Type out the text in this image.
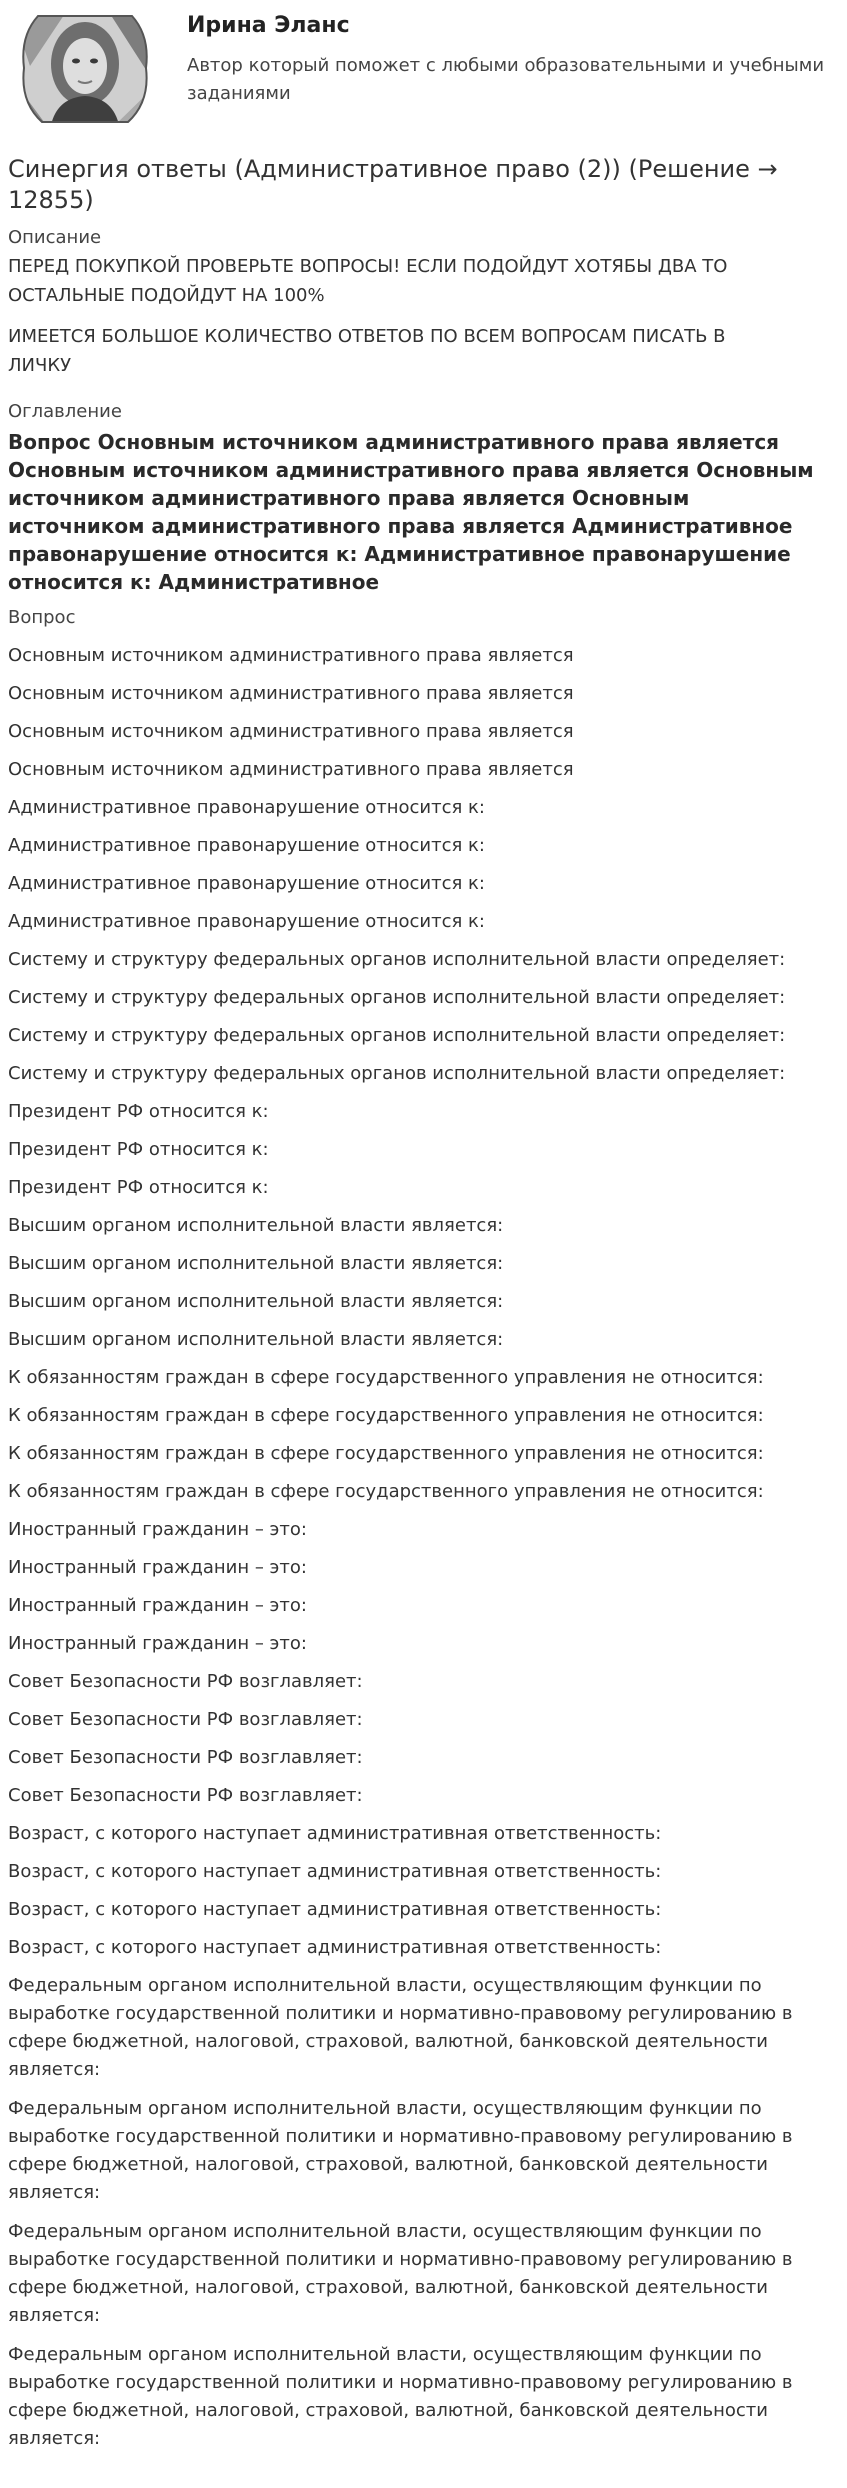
Ирина Эланс
Автор который поможет с любыми образовательными и учебными заданиями
Синергия ответы (Административное право (2)) (Решение → 12855)
Описание
ПЕРЕД ПОКУПКОЙ ПРОВЕРЬТЕ ВОПРОСЫ! ЕСЛИ ПОДОЙДУТ ХОТЯБЫ ДВА ТО ОСТАЛЬНЫЕ ПОДОЙДУТ НА 100%
ИМЕЕТСЯ БОЛЬШОЕ КОЛИЧЕСТВО ОТВЕТОВ ПО ВСЕМ ВОПРОСАМ ПИСАТЬ В ЛИЧКУ
Оглавление
Вопрос Основным источником административного права является Основным источником административного права является Основным источником административного права является Основным источником административного права является Административное правонарушение относится к: Административное правонарушение относится к: Административное
Вопрос
Основным источником административного права является
Основным источником административного права является
Основным источником административного права является
Основным источником административного права является
Административное правонарушение относится к:
Административное правонарушение относится к:
Административное правонарушение относится к:
Административное правонарушение относится к:
Систему и структуру федеральных органов исполнительной власти определяет:
Систему и структуру федеральных органов исполнительной власти определяет:
Систему и структуру федеральных органов исполнительной власти определяет:
Систему и структуру федеральных органов исполнительной власти определяет:
Президент РФ относится к:
Президент РФ относится к:
Президент РФ относится к:
Высшим органом исполнительной власти является:
Высшим органом исполнительной власти является:
Высшим органом исполнительной власти является:
Высшим органом исполнительной власти является:
К обязанностям граждан в сфере государственного управления не относится:
К обязанностям граждан в сфере государственного управления не относится:
К обязанностям граждан в сфере государственного управления не относится:
К обязанностям граждан в сфере государственного управления не относится:
Иностранный гражданин – это:
Иностранный гражданин – это:
Иностранный гражданин – это:
Иностранный гражданин – это:
Совет Безопасности РФ возглавляет:
Совет Безопасности РФ возглавляет:
Совет Безопасности РФ возглавляет:
Совет Безопасности РФ возглавляет:
Возраст, с которого наступает административная ответственность:
Возраст, с которого наступает административная ответственность:
Возраст, с которого наступает административная ответственность:
Возраст, с которого наступает административная ответственность:
Федеральным органом исполнительной власти, осуществляющим функции по выработке государственной политики и нормативно-правовому регулированию в сфере бюджетной, налоговой, страховой, валютной, банковской деятельности является:
Федеральным органом исполнительной власти, осуществляющим функции по выработке государственной политики и нормативно-правовому регулированию в сфере бюджетной, налоговой, страховой, валютной, банковской деятельности является:
Федеральным органом исполнительной власти, осуществляющим функции по выработке государственной политики и нормативно-правовому регулированию в сфере бюджетной, налоговой, страховой, валютной, банковской деятельности является:
Федеральным органом исполнительной власти, осуществляющим функции по выработке государственной политики и нормативно-правовому регулированию в сфере бюджетной, налоговой, страховой, валютной, банковской деятельности является:
